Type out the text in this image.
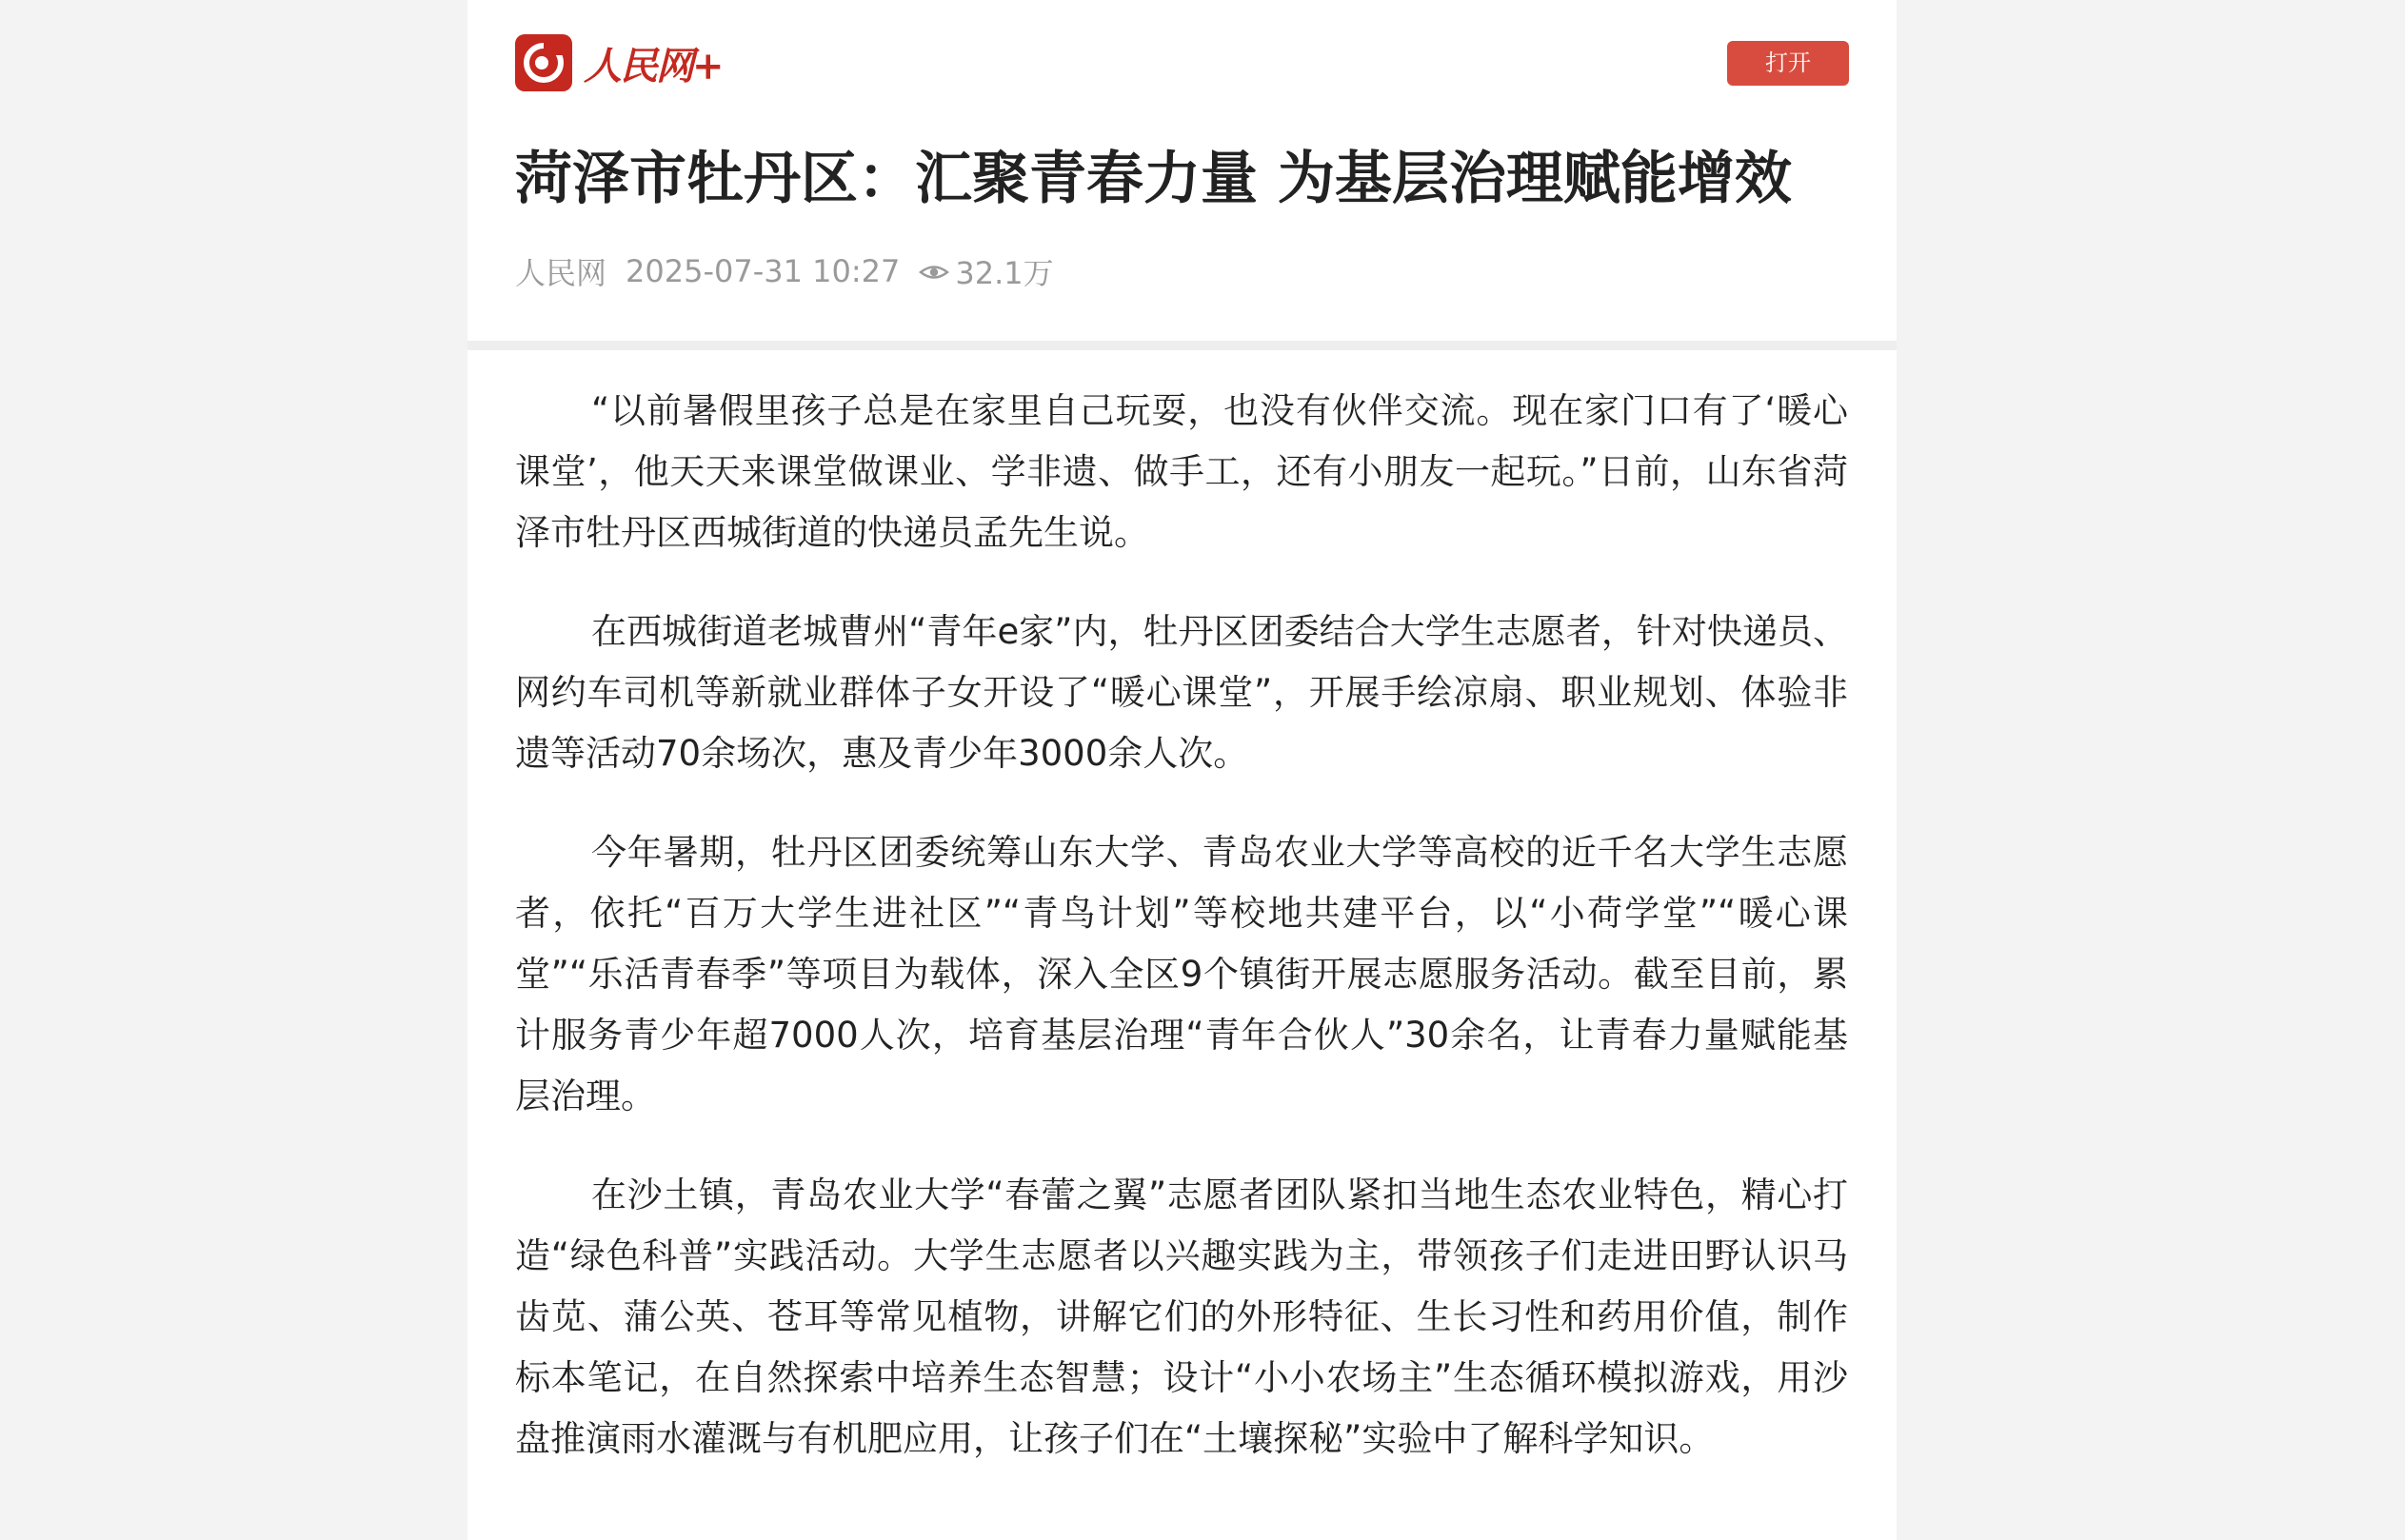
人民网+	打开
菏泽市牡丹区：汇聚青春力量 为基层治理赋能增效
人民网 2025-07-31 10:27 32.1万

“以前暑假里孩子总是在家里自己玩耍，也没有伙伴交流。现在家门口有了‘暖心课堂’，他天天来课堂做课业、学非遗、做手工，还有小朋友一起玩。”日前，山东省菏泽市牡丹区西城街道的快递员孟先生说。

在西城街道老城曹州“青年e家”内，牡丹区团委结合大学生志愿者，针对快递员、网约车司机等新就业群体子女开设了“暖心课堂”，开展手绘凉扇、职业规划、体验非遗等活动70余场次，惠及青少年3000余人次。

今年暑期，牡丹区团委统筹山东大学、青岛农业大学等高校的近千名大学生志愿者，依托“百万大学生进社区”“青鸟计划”等校地共建平台，以“小荷学堂”“暖心课堂”“乐活青春季”等项目为载体，深入全区9个镇街开展志愿服务活动。截至目前，累计服务青少年超7000人次，培育基层治理“青年合伙人”30余名，让青春力量赋能基层治理。

在沙土镇，青岛农业大学“春蕾之翼”志愿者团队紧扣当地生态农业特色，精心打造“绿色科普”实践活动。大学生志愿者以兴趣实践为主，带领孩子们走进田野认识马齿苋、蒲公英、苍耳等常见植物，讲解它们的外形特征、生长习性和药用价值，制作标本笔记，在自然探索中培养生态智慧；设计“小小农场主”生态循环模拟游戏，用沙盘推演雨水灌溉与有机肥应用，让孩子们在“土壤探秘”实验中了解科学知识。
